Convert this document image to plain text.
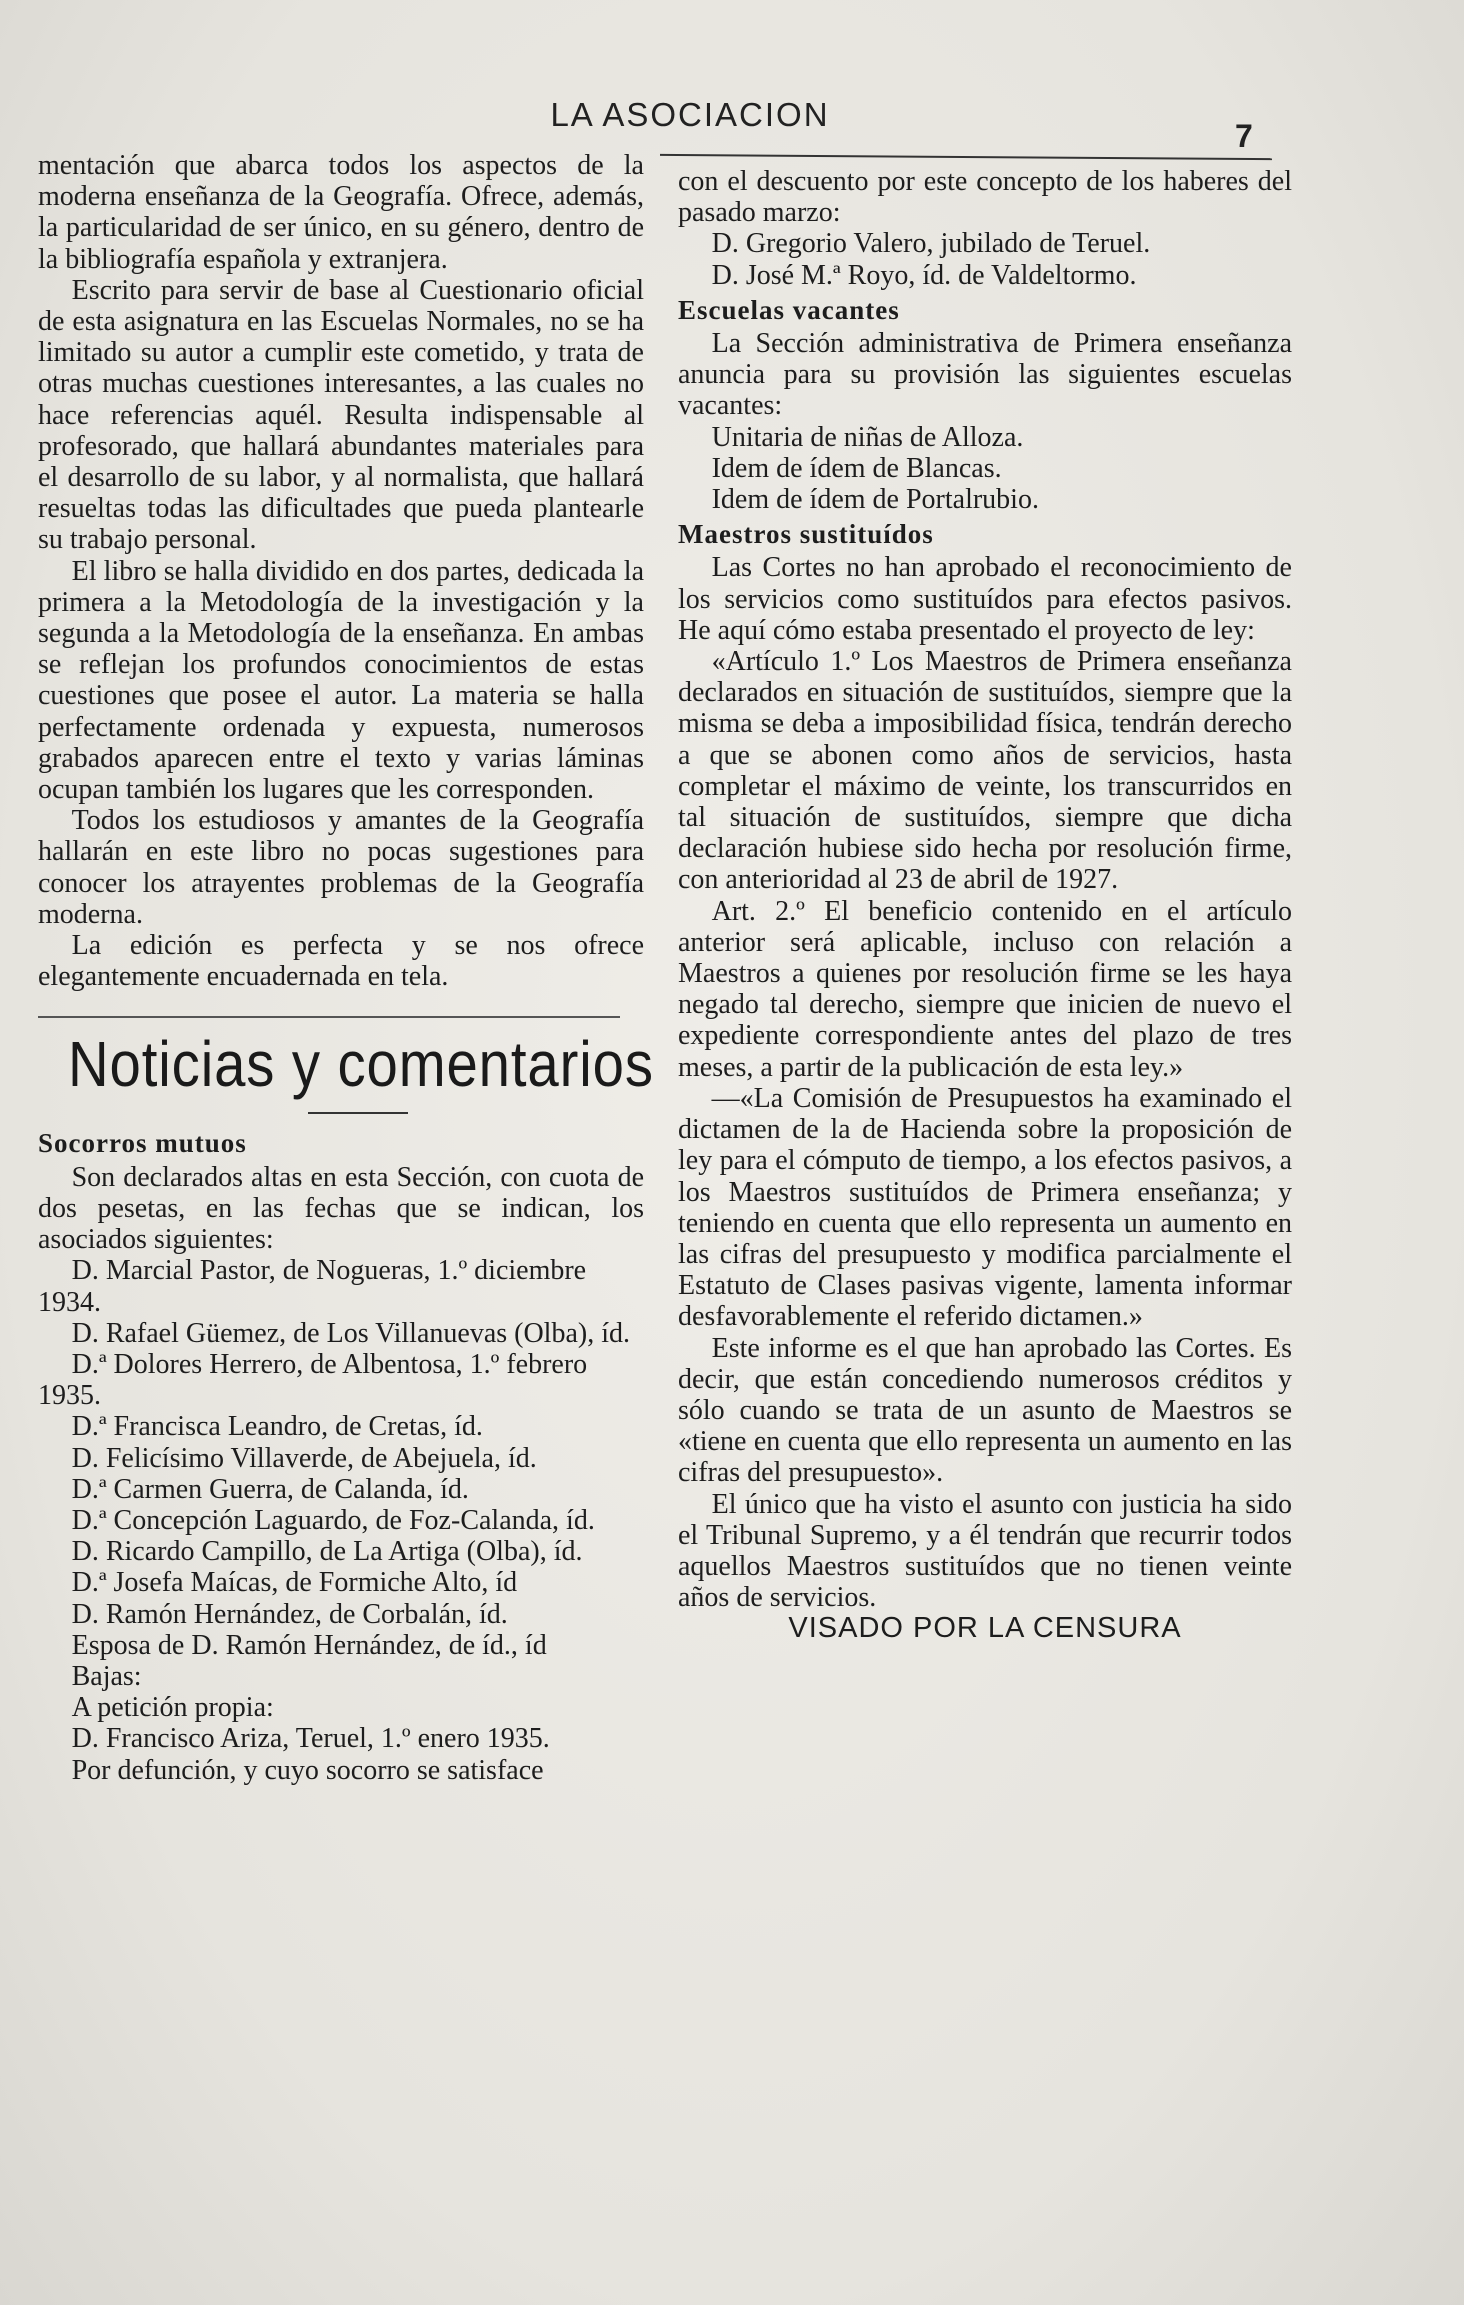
LA ASOCIACION
7

mentación que abarca todos los aspectos de la moderna enseñanza de la Geografía. Ofrece, además, la particularidad de ser único, en su género, dentro de la bibliografía española y extranjera.

Escrito para servir de base al Cuestionario oficial de esta asignatura en las Escuelas Normales, no se ha limitado su autor a cumplir este cometido, y trata de otras muchas cuestiones interesantes, a las cuales no hace referencias aquél. Resulta indispensable al profesorado, que hallará abundantes materiales para el desarrollo de su labor, y al normalista, que hallará resueltas todas las dificultades que pueda plantearle su trabajo personal.

El libro se halla dividido en dos partes, dedicada la primera a la Metodología de la investigación y la segunda a la Metodología de la enseñanza. En ambas se reflejan los profundos conocimientos de estas cuestiones que posee el autor. La materia se halla perfectamente ordenada y expuesta, numerosos grabados aparecen entre el texto y varias láminas ocupan también los lugares que les corresponden.

Todos los estudiosos y amantes de la Geografía hallarán en este libro no pocas sugestiones para conocer los atrayentes problemas de la Geografía moderna.

La edición es perfecta y se nos ofrece elegantemente encuadernada en tela.

Noticias y comentarios

Socorros mutuos

Son declarados altas en esta Sección, con cuota de dos pesetas, en las fechas que se indican, los asociados siguientes:

D. Marcial Pastor, de Nogueras, 1.º diciembre 1934.

D. Rafael Güemez, de Los Villanuevas (Olba), íd.

D.ª Dolores Herrero, de Albentosa, 1.º febrero 1935.

D.ª Francisca Leandro, de Cretas, íd.

D. Felicísimo Villaverde, de Abejuela, íd.

D.ª Carmen Guerra, de Calanda, íd.

D.ª Concepción Laguardo, de Foz-Calanda, íd.

D. Ricardo Campillo, de La Artiga (Olba), íd.

D.ª Josefa Maícas, de Formiche Alto, íd

D. Ramón Hernández, de Corbalán, íd.

Esposa de D. Ramón Hernández, de íd., íd

Bajas:

A petición propia:

D. Francisco Ariza, Teruel, 1.º enero 1935.

Por defunción, y cuyo socorro se satisface

con el descuento por este concepto de los haberes del pasado marzo:

D. Gregorio Valero, jubilado de Teruel.

D. José M.ª Royo, íd. de Valdeltormo.

Escuelas vacantes

La Sección administrativa de Primera enseñanza anuncia para su provisión las siguientes escuelas vacantes:

Unitaria de niñas de Alloza.

Idem de ídem de Blancas.

Idem de ídem de Portalrubio.

Maestros sustituídos

Las Cortes no han aprobado el reconocimiento de los servicios como sustituídos para efectos pasivos. He aquí cómo estaba presentado el proyecto de ley:

«Artículo 1.º Los Maestros de Primera enseñanza declarados en situación de sustituídos, siempre que la misma se deba a imposibilidad física, tendrán derecho a que se abonen como años de servicios, hasta completar el máximo de veinte, los transcurridos en tal situación de sustituídos, siempre que dicha declaración hubiese sido hecha por resolución firme, con anterioridad al 23 de abril de 1927.

Art. 2.º El beneficio contenido en el artículo anterior será aplicable, incluso con relación a Maestros a quienes por resolución firme se les haya negado tal derecho, siempre que inicien de nuevo el expediente correspondiente antes del plazo de tres meses, a partir de la publicación de esta ley.»

—«La Comisión de Presupuestos ha examinado el dictamen de la de Hacienda sobre la proposición de ley para el cómputo de tiempo, a los efectos pasivos, a los Maestros sustituídos de Primera enseñanza; y teniendo en cuenta que ello representa un aumento en las cifras del presupuesto y modifica parcialmente el Estatuto de Clases pasivas vigente, lamenta informar desfavorablemente el referido dictamen.»

Este informe es el que han aprobado las Cortes. Es decir, que están concediendo numerosos créditos y sólo cuando se trata de un asunto de Maestros se «tiene en cuenta que ello representa un aumento en las cifras del presupuesto».

El único que ha visto el asunto con justicia ha sido el Tribunal Supremo, y a él tendrán que recurrir todos aquellos Maestros sustituídos que no tienen veinte años de servicios.

VISADO POR LA CENSURA
